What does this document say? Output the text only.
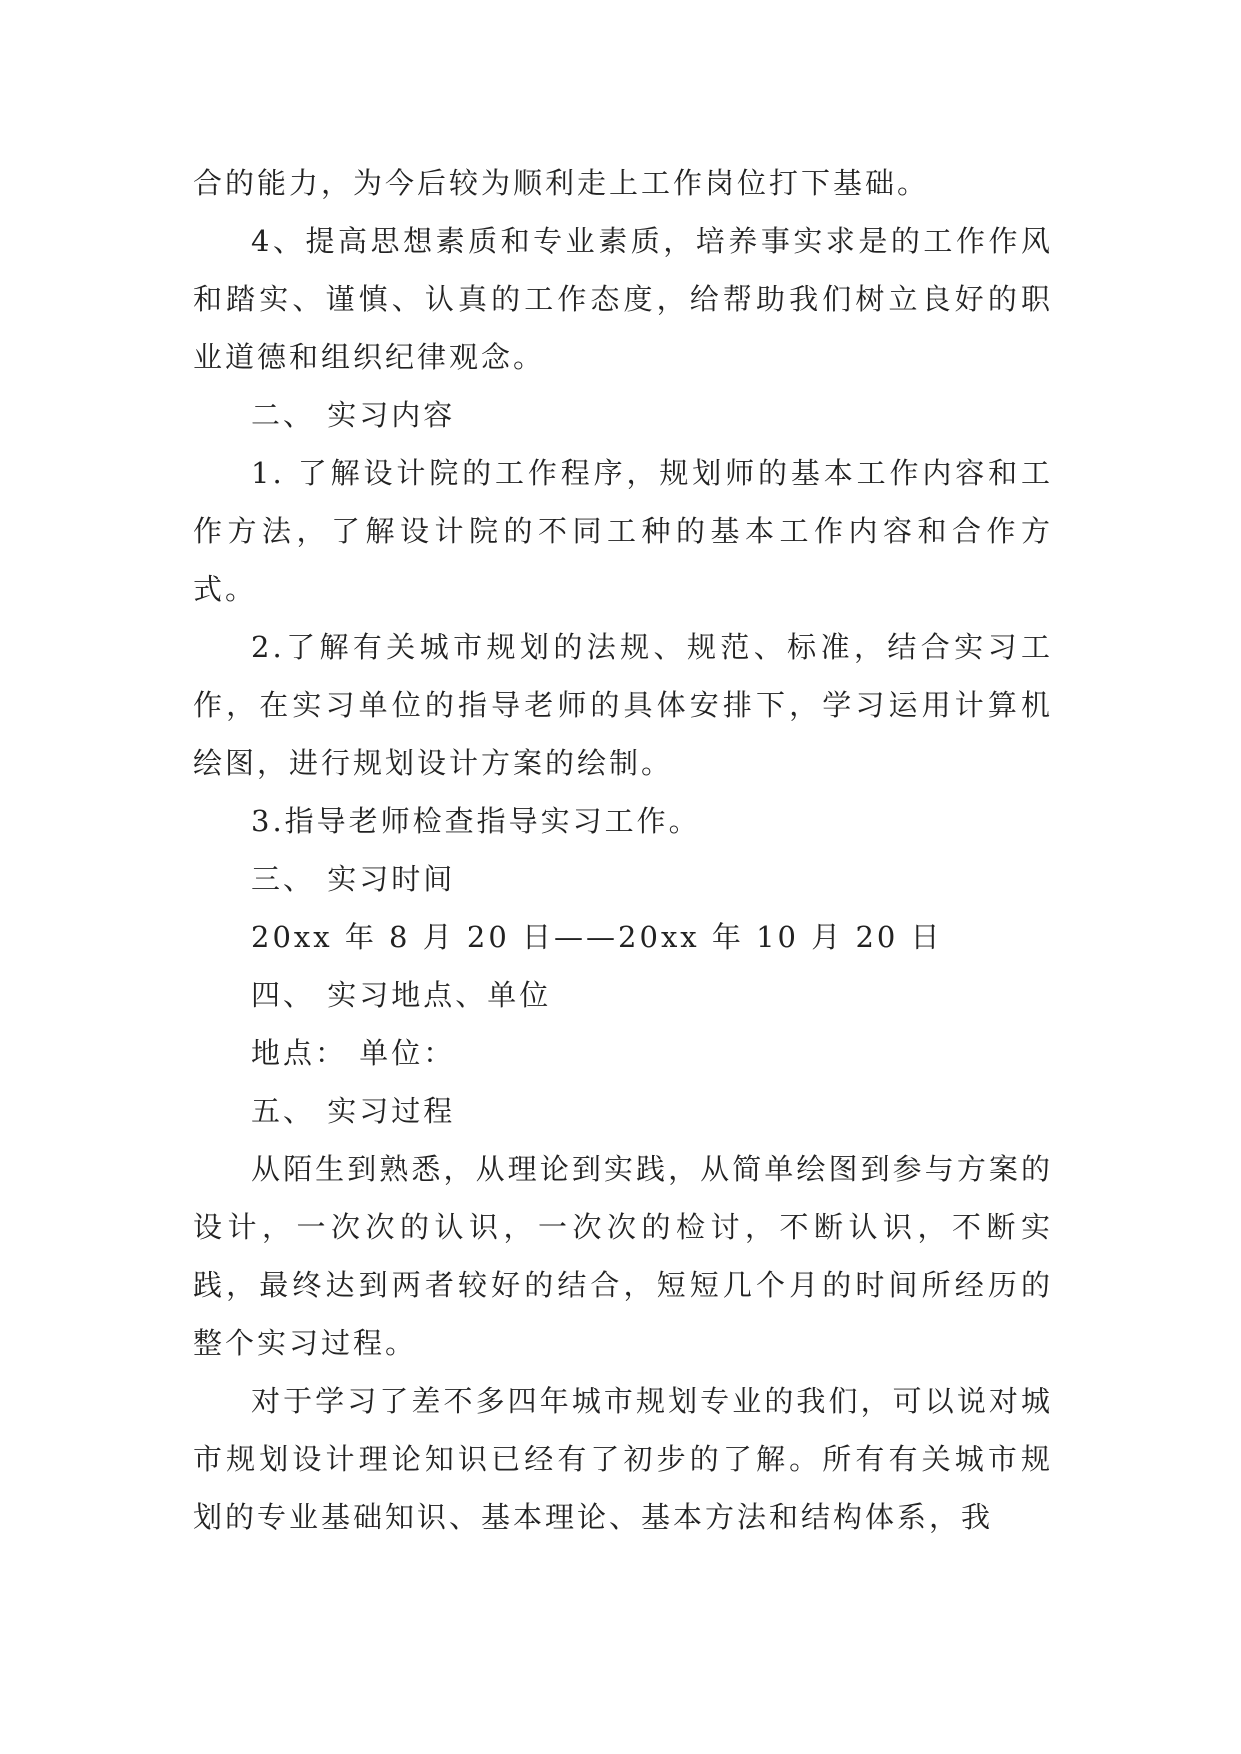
合的能力，为今后较为顺利走上工作岗位打下基础。

4、提高思想素质和专业素质，培养事实求是的工作作风和踏实、谨慎、认真的工作态度，给帮助我们树立良好的职业道德和组织纪律观念。

二、 实习内容

1. 了解设计院的工作程序，规划师的基本工作内容和工作方法，了解设计院的不同工种的基本工作内容和合作方式。

2.了解有关城市规划的法规、规范、标准，结合实习工作，在实习单位的指导老师的具体安排下，学习运用计算机绘图，进行规划设计方案的绘制。

3.指导老师检查指导实习工作。

三、 实习时间

20xx 年 8 月 20 日——20xx 年 10 月 20 日

四、 实习地点、单位

地点： 单位：

五、 实习过程

从陌生到熟悉，从理论到实践，从简单绘图到参与方案的设计，一次次的认识，一次次的检讨，不断认识，不断实践，最终达到两者较好的结合，短短几个月的时间所经历的整个实习过程。

对于学习了差不多四年城市规划专业的我们，可以说对城市规划设计理论知识已经有了初步的了解。所有有关城市规划的专业基础知识、基本理论、基本方法和结构体系，我
